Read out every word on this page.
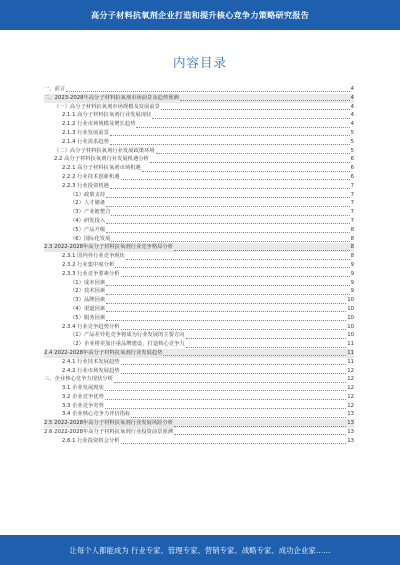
高分子材料抗氧剂企业打造和提升核心竞争力策略研究报告
内容目录
一、前言	4
二、2023-2028年高分子材料抗氧剂市场前景及趋势预测	4
（一）高分子材料抗氧剂市场规模及发展前景	4
2.1.1 高分子材料抗氧剂行业发展现状	4
2.1.2 行业市场规模及增长趋势	4
2.1.3 行业发展前景	5
2.1.4 行业需求趋势	5
（二）高分子材料抗氧剂行业发展政策环境	5
2.2 高分子材料抗氧剂行业发展机遇分析	6
2.2.1 高分子材料抗氧剂市场机遇	6
2.2.2 行业技术创新机遇	6
2.2.3 行业投资机遇	7
（1）政策支持	7
（2）人才储备	7
（3）产业链整合	7
（4）研发投入	7
（5）产品升级	8
（6）国际化发展	8
2.3 2022-2028年高分子材料抗氧剂行业竞争格局分析	8
2.3.1 国内外行业竞争现状	8
2.3.2 行业集中度分析	9
2.3.3 行业竞争要素分析	9
（1）成本因素	9
（2）技术因素	9
（3）品牌因素	10
（4）渠道因素	10
（5）服务因素	10
2.3.4 行业竞争趋势分析	10
（1）产品差异化竞争将成为行业发展的主要方向	10
（2）企业将更加注重品牌建设，打造核心竞争力	11
2.4 2022-2028年高分子材料抗氧剂行业发展趋势	11
2.4.1 行业技术发展趋势	11
2.4.2 行业市场发展趋势	12
三、企业核心竞争力现状分析	12
3.1 企业发展现状	12
3.2 企业竞争优势	12
3.3 企业竞争劣势	12
3.4 企业核心竞争力评价指标	13
2.5 2022-2028年高分子材料抗氧剂行业发展风险分析	13
2.6 2022-2028年高分子材料抗氧剂行业投资前景预测	13
2.6.1 行业投资机会分析	13
让每个人都能成为 行业专家、管理专家、营销专家、战略专家、成功企业家……
